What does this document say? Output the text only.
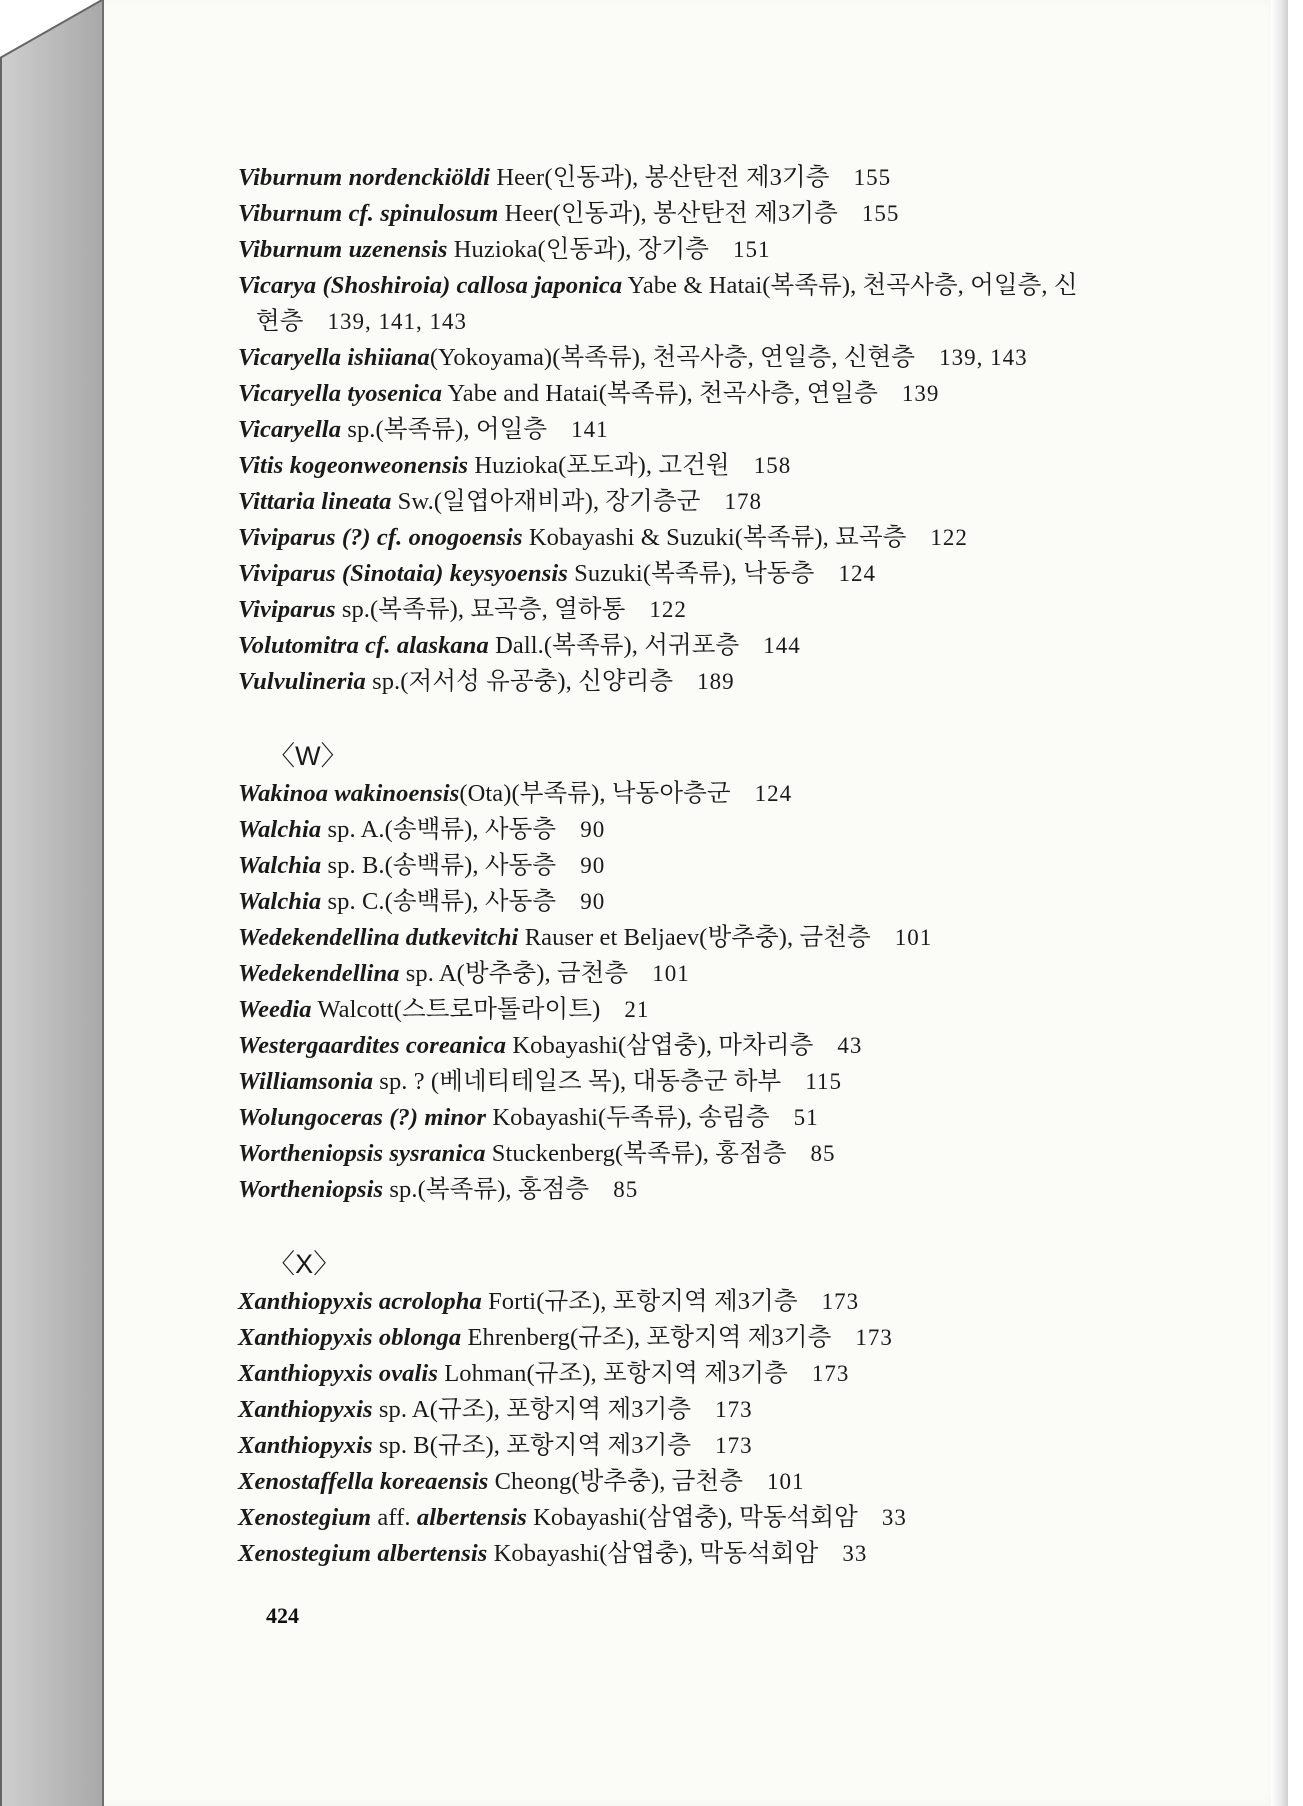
Viburnum nordenckiöldi Heer(인동과), 봉산탄전 제3기층 155
Viburnum cf. spinulosum Heer(인동과), 봉산탄전 제3기층 155
Viburnum uzenensis Huzioka(인동과), 장기층 151
Vicarya (Shoshiroia) callosa japonica Yabe & Hatai(복족류), 천곡사층, 어일층, 신
현층 139, 141, 143
Vicaryella ishiiana(Yokoyama)(복족류), 천곡사층, 연일층, 신현층 139, 143
Vicaryella tyosenica Yabe and Hatai(복족류), 천곡사층, 연일층 139
Vicaryella sp.(복족류), 어일층 141
Vitis kogeonweonensis Huzioka(포도과), 고건원 158
Vittaria lineata Sw.(일엽아재비과), 장기층군 178
Viviparus (?) cf. onogoensis Kobayashi & Suzuki(복족류), 묘곡층 122
Viviparus (Sinotaia) keysyoensis Suzuki(복족류), 낙동층 124
Viviparus sp.(복족류), 묘곡층, 열하통 122
Volutomitra cf. alaskana Dall.(복족류), 서귀포층 144
Vulvulineria sp.(저서성 유공충), 신양리층 189
〈W〉
Wakinoa wakinoensis(Ota)(부족류), 낙동아층군 124
Walchia sp. A.(송백류), 사동층 90
Walchia sp. B.(송백류), 사동층 90
Walchia sp. C.(송백류), 사동층 90
Wedekendellina dutkevitchi Rauser et Beljaev(방추충), 금천층 101
Wedekendellina sp. A(방추충), 금천층 101
Weedia Walcott(스트로마톨라이트) 21
Westergaardites coreanica Kobayashi(삼엽충), 마차리층 43
Williamsonia sp. ? (베네티테일즈 목), 대동층군 하부 115
Wolungoceras (?) minor Kobayashi(두족류), 송림층 51
Wortheniopsis sysranica Stuckenberg(복족류), 홍점층 85
Wortheniopsis sp.(복족류), 홍점층 85
〈X〉
Xanthiopyxis acrolopha Forti(규조), 포항지역 제3기층 173
Xanthiopyxis oblonga Ehrenberg(규조), 포항지역 제3기층 173
Xanthiopyxis ovalis Lohman(규조), 포항지역 제3기층 173
Xanthiopyxis sp. A(규조), 포항지역 제3기층 173
Xanthiopyxis sp. B(규조), 포항지역 제3기층 173
Xenostaffella koreaensis Cheong(방추충), 금천층 101
Xenostegium aff. albertensis Kobayashi(삼엽충), 막동석회암 33
Xenostegium albertensis Kobayashi(삼엽충), 막동석회암 33
424
